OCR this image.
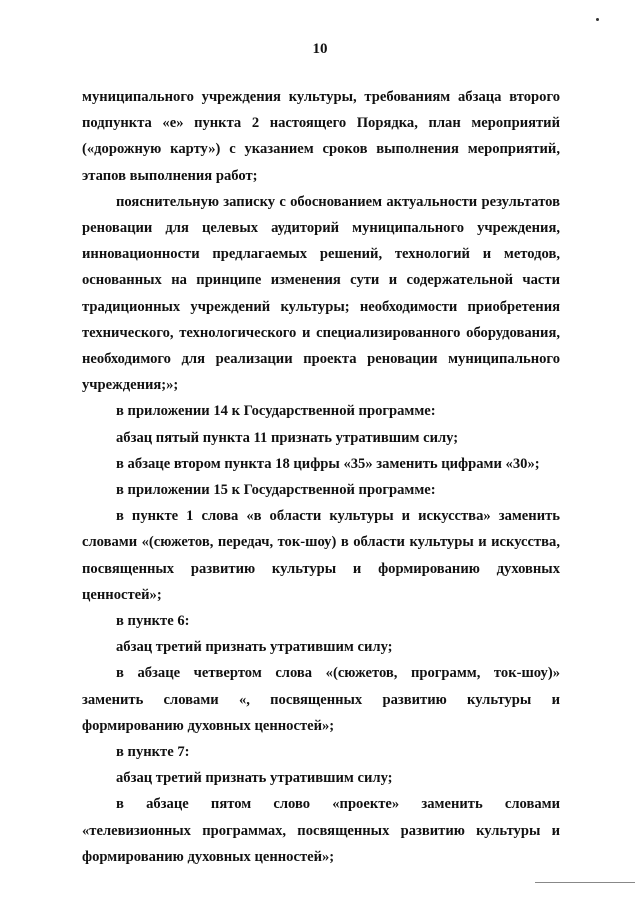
10

муниципального учреждения культуры, требованиям абзаца второго подпункта «е» пункта 2 настоящего Порядка, план мероприятий («дорожную карту») с указанием сроков выполнения мероприятий, этапов выполнения работ;

пояснительную записку с обоснованием актуальности результатов реновации для целевых аудиторий муниципального учреждения, инновационности предлагаемых решений, технологий и методов, основанных на принципе изменения сути и содержательной части традиционных учреждений культуры; необходимости приобретения технического, технологического и специализированного оборудования, необходимого для реализации проекта реновации муниципального учреждения;»;

в приложении 14 к Государственной программе:

абзац пятый пункта 11 признать утратившим силу;

в абзаце втором пункта 18 цифры «35» заменить цифрами «30»;

в приложении 15 к Государственной программе:

в пункте 1 слова «в области культуры и искусства» заменить словами «(сюжетов, передач, ток-шоу) в области культуры и искусства, посвященных развитию культуры и формированию духовных ценностей»;

в пункте 6:

абзац третий признать утратившим силу;

в абзаце четвертом слова «(сюжетов, программ, ток-шоу)» заменить словами «, посвященных развитию культуры и формированию духовных ценностей»;

в пункте 7:

абзац третий признать утратившим силу;

в абзаце пятом слово «проекте» заменить словами «телевизионных программах, посвященных развитию культуры и формированию духовных ценностей»;
